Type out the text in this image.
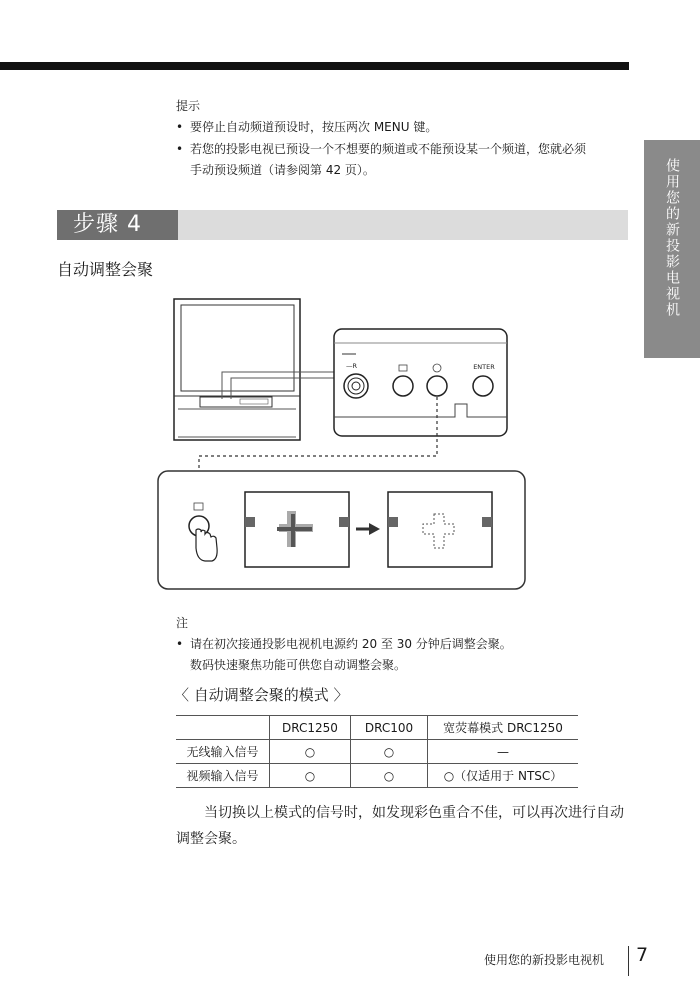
提示
• 要停止自动频道预设时，按压两次 MENU 键。
• 若您的投影电视已预设一个不想要的频道或不能预设某一个频道，您就必须
手动预设频道（请参阅第 42 页）。
步骤 4
自动调整会聚	使用您的新投影电视机
—R	ENTER
注
• 请在初次接通投影电视机电源约 20 至 30 分钟后调整会聚。
数码快速聚焦功能可供您自动调整会聚。
〈 自动调整会聚的模式 〉
	DRC1250	DRC100	宽荧幕模式 DRC1250
无线输入信号	○	○	—
视频输入信号	○	○	○（仅适用于 NTSC）
当切换以上模式的信号时，如发现彩色重合不佳，可以再次进行自动调整会聚。
使用您的新投影电视机 7
